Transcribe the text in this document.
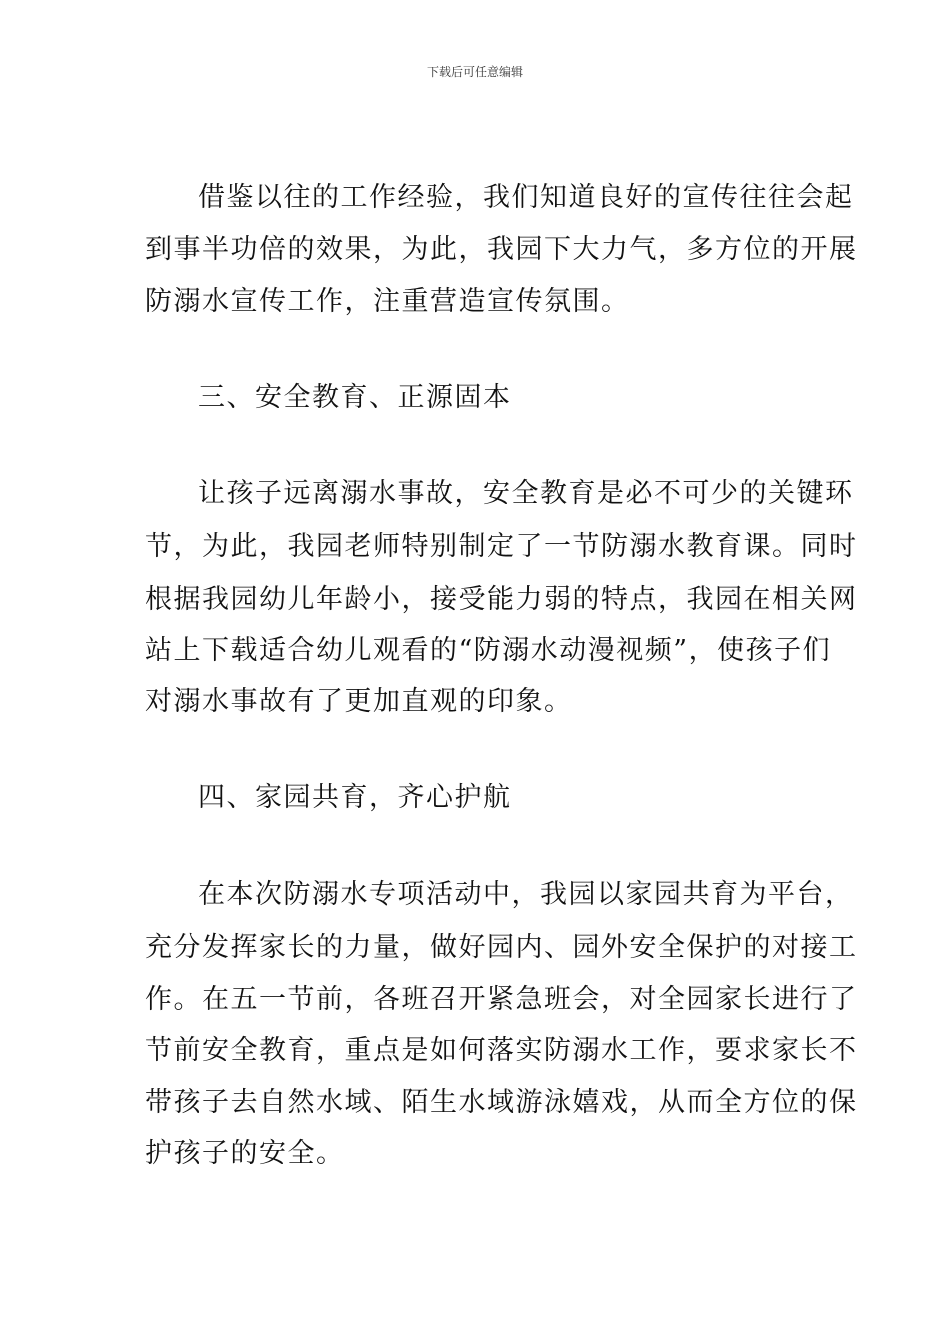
下载后可任意编辑
借鉴以往的工作经验，我们知道良好的宣传往往会起
到事半功倍的效果，为此，我园下大力气，多方位的开展
防溺水宣传工作，注重营造宣传氛围。
三、安全教育、正源固本
让孩子远离溺水事故，安全教育是必不可少的关键环
节，为此，我园老师特别制定了一节防溺水教育课。同时
根据我园幼儿年龄小，接受能力弱的特点，我园在相关网
站上下载适合幼儿观看的“防溺水动漫视频”，使孩子们
对溺水事故有了更加直观的印象。
四、家园共育，齐心护航
在本次防溺水专项活动中，我园以家园共育为平台，
充分发挥家长的力量，做好园内、园外安全保护的对接工
作。在五一节前，各班召开紧急班会，对全园家长进行了
节前安全教育，重点是如何落实防溺水工作，要求家长不
带孩子去自然水域、陌生水域游泳嬉戏，从而全方位的保
护孩子的安全。
